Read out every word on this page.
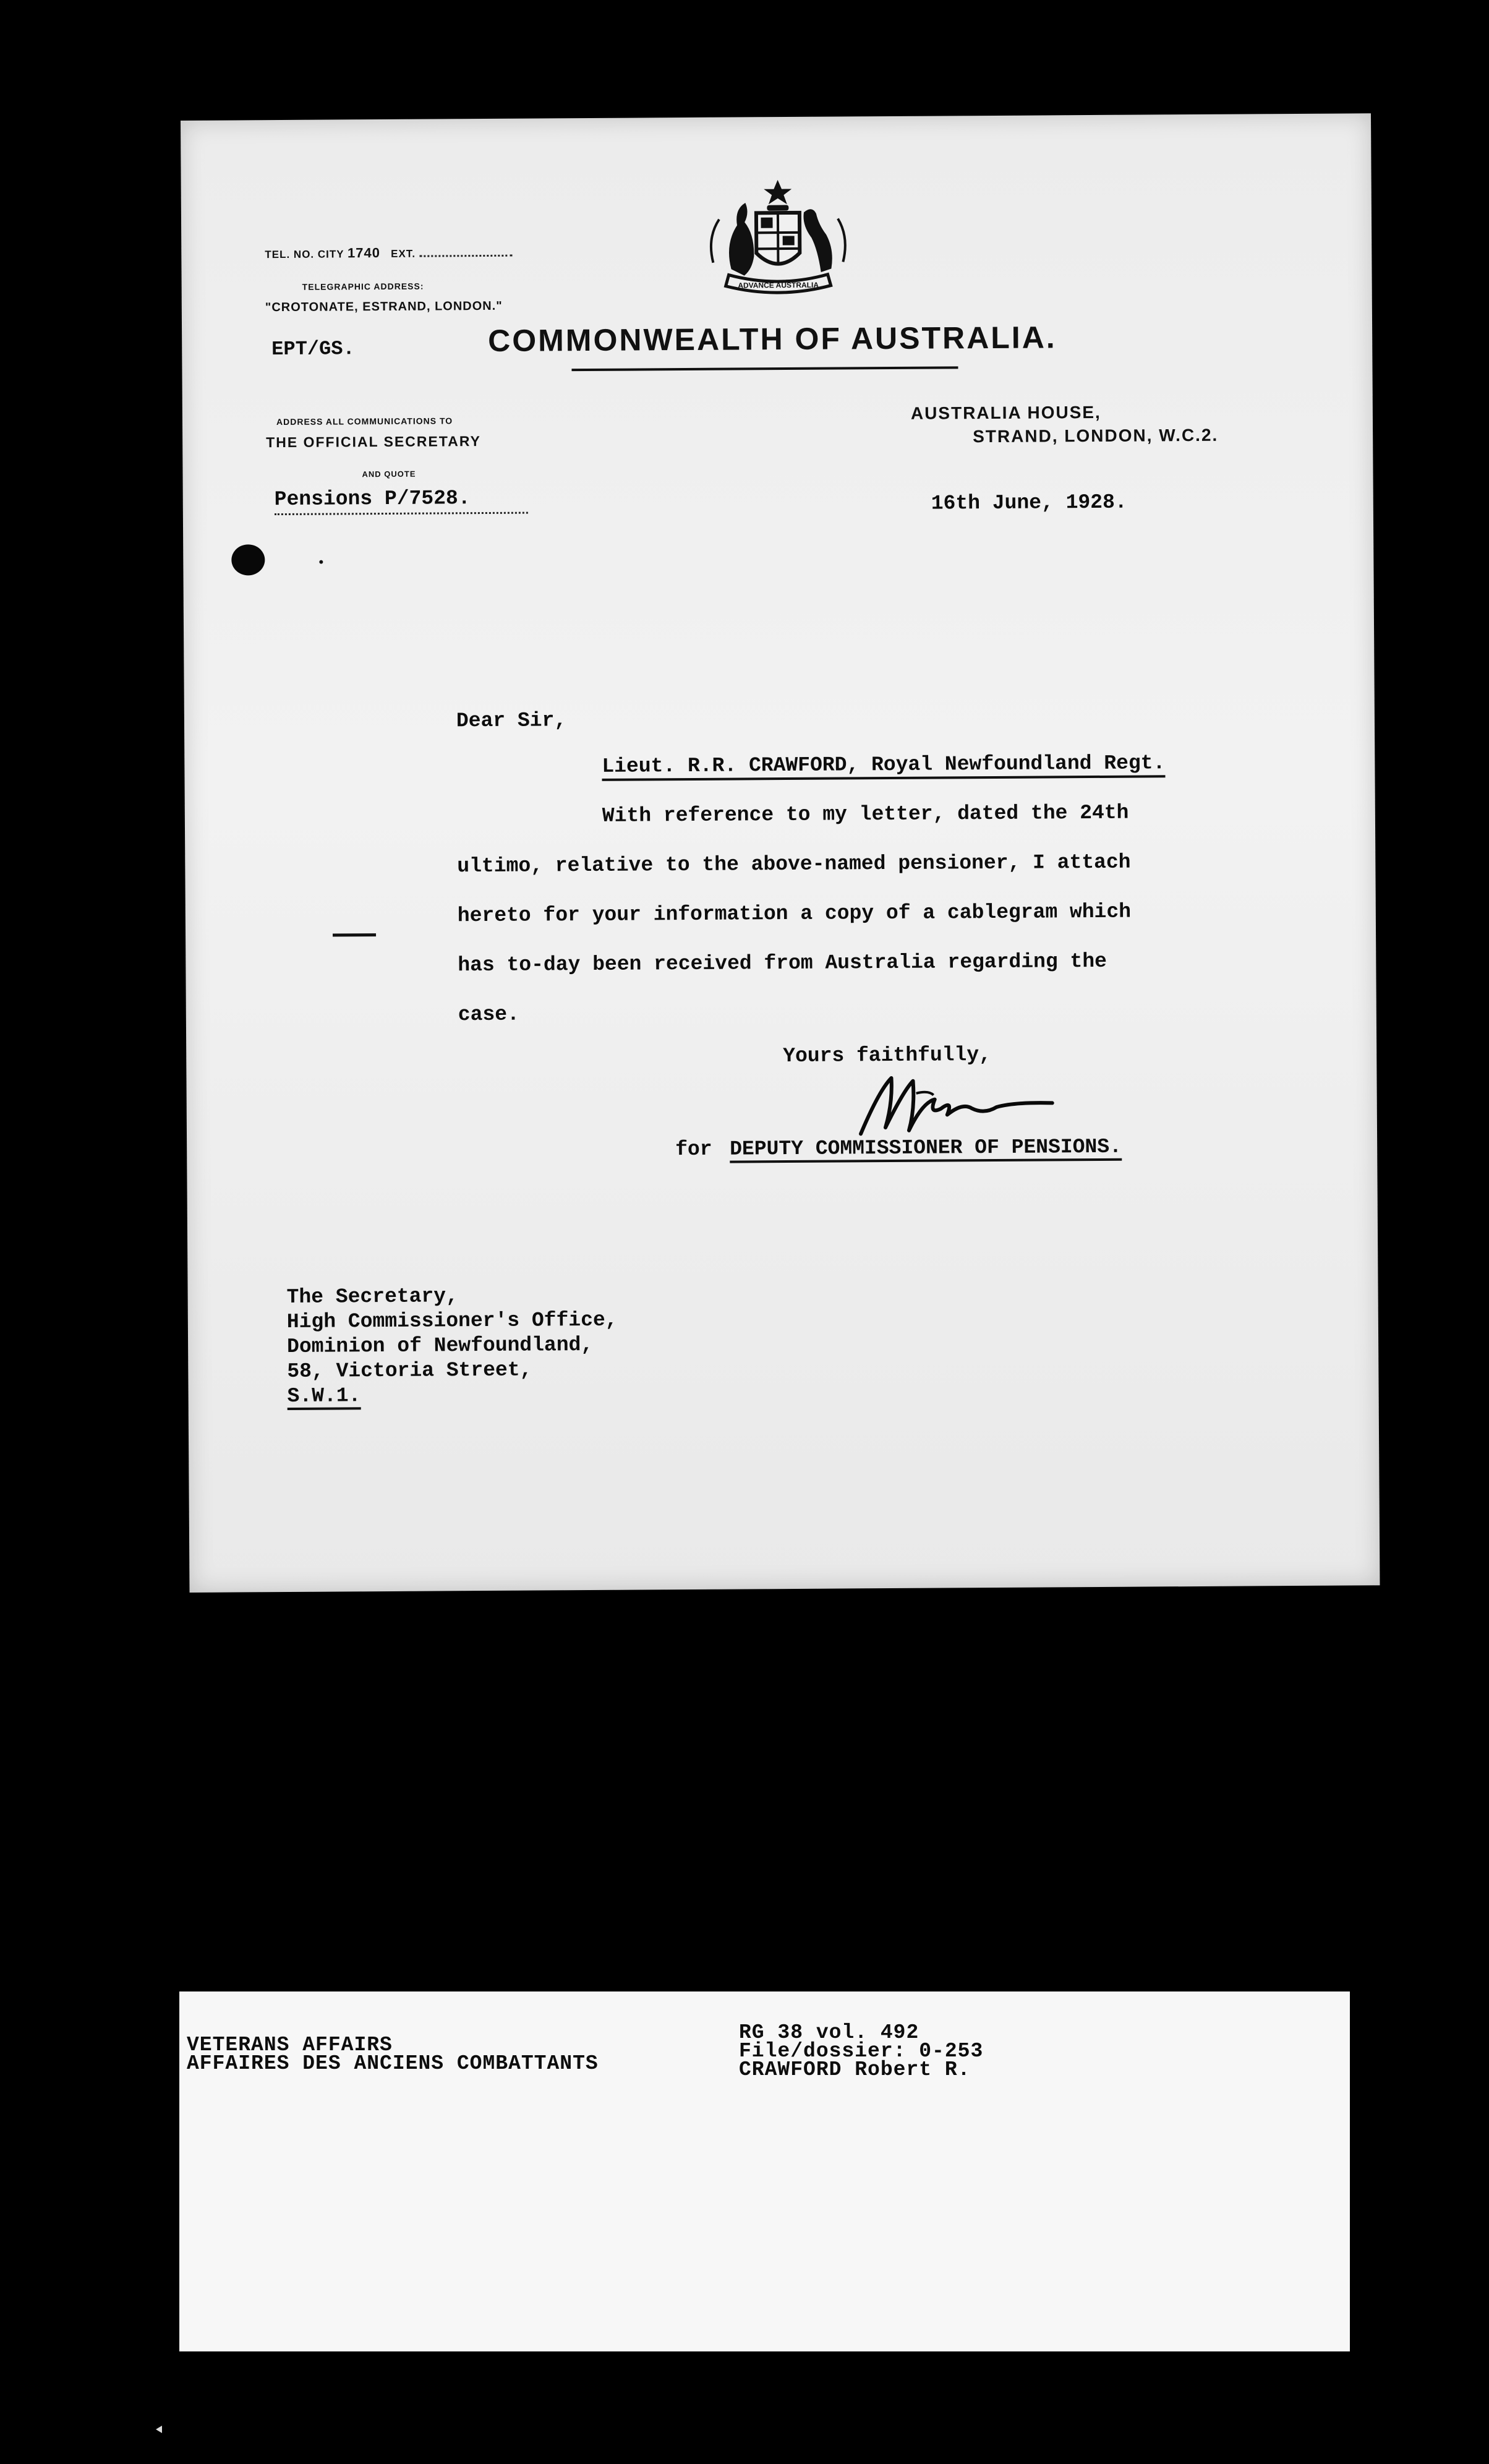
ADVANCE AUSTRALIA
TEL. NO. CITY 1740 EXT.
TELEGRAPHIC ADDRESS:
"CROTONATE, ESTRAND, LONDON."
EPT/GS.	COMMONWEALTH OF AUSTRALIA.
ADDRESS ALL COMMUNICATIONS TO
THE OFFICIAL SECRETARY
AND QUOTE
Pensions P/7528.
AUSTRALIA HOUSE,
STRAND, LONDON, W.C.2.
16th June, 1928.
Dear Sir,
Lieut. R.R. CRAWFORD, Royal Newfoundland Regt.
With reference to my letter, dated the 24th
ultimo, relative to the above-named pensioner, I attach
hereto for your information a copy of a cablegram which
has to-day been received from Australia regarding the
case.
Yours faithfully,
for DEPUTY COMMISSIONER OF PENSIONS.
The Secretary,
High Commissioner's Office,
Dominion of Newfoundland,
58, Victoria Street,
S.W.1.
VETERANS AFFAIRS
AFFAIRES DES ANCIENS COMBATTANTS
RG 38 vol. 492
File/dossier: 0-253
CRAWFORD Robert R.
